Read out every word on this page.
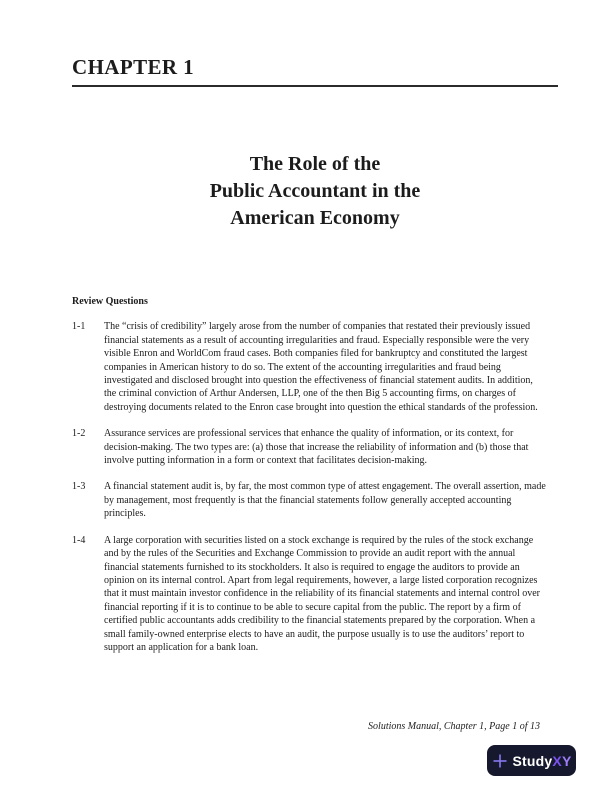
CHAPTER 1
The Role of the
Public Accountant in the
American Economy
Review Questions
1-1	The “crisis of credibility” largely arose from the number of companies that restated their previously issued financial statements as a result of accounting irregularities and fraud. Especially responsible were the very visible Enron and WorldCom fraud cases. Both companies filed for bankruptcy and constituted the largest companies in American history to do so. The extent of the accounting irregularities and fraud being investigated and disclosed brought into question the effectiveness of financial statement audits. In addition, the criminal conviction of Arthur Andersen, LLP, one of the then Big 5 accounting firms, on charges of destroying documents related to the Enron case brought into question the ethical standards of the profession.
1-2	Assurance services are professional services that enhance the quality of information, or its context, for decision-making. The two types are: (a) those that increase the reliability of information and (b) those that involve putting information in a form or context that facilitates decision-making.
1-3	A financial statement audit is, by far, the most common type of attest engagement. The overall assertion, made by management, most frequently is that the financial statements follow generally accepted accounting principles.
1-4	A large corporation with securities listed on a stock exchange is required by the rules of the stock exchange and by the rules of the Securities and Exchange Commission to provide an audit report with the annual financial statements furnished to its stockholders. It also is required to engage the auditors to provide an opinion on its internal control. Apart from legal requirements, however, a large listed corporation recognizes that it must maintain investor confidence in the reliability of its financial statements and internal control over financial reporting if it is to continue to be able to secure capital from the public. The report by a firm of certified public accountants adds credibility to the financial statements prepared by the corporation. When a small family-owned enterprise elects to have an audit, the purpose usually is to use the auditors’ report to support an application for a bank loan.
Solutions Manual, Chapter 1, Page 1 of 13
StudyXY
